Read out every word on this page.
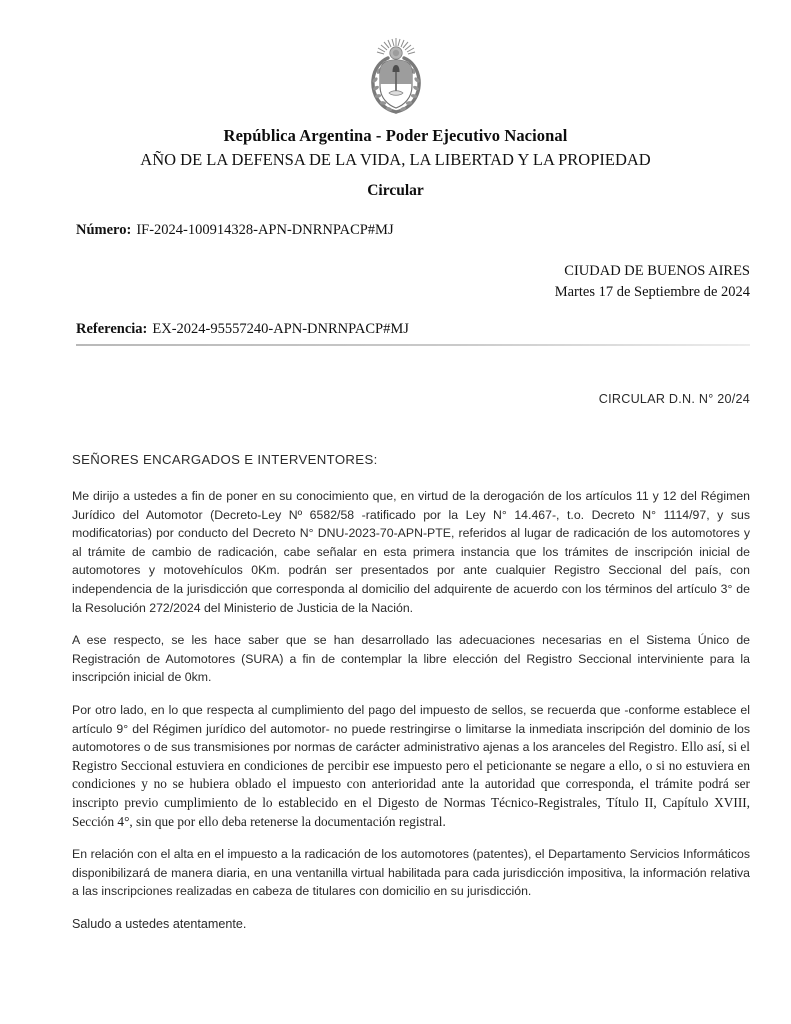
República Argentina - Poder Ejecutivo Nacional
AÑO DE LA DEFENSA DE LA VIDA, LA LIBERTAD Y LA PROPIEDAD
Circular
Número: IF-2024-100914328-APN-DNRNPACP#MJ
CIUDAD DE BUENOS AIRES
Martes 17 de Septiembre de 2024
Referencia: EX-2024-95557240-APN-DNRNPACP#MJ
CIRCULAR D.N. N° 20/24
SEÑORES ENCARGADOS E INTERVENTORES:

Me dirijo a ustedes a fin de poner en su conocimiento que, en virtud de la derogación de los artículos 11 y 12 del Régimen Jurídico del Automotor (Decreto-Ley Nº 6582/58 -ratificado por la Ley N° 14.467-, t.o. Decreto N° 1114/97, y sus modificatorias) por conducto del Decreto N° DNU-2023-70-APN-PTE, referidos al lugar de radicación de los automotores y al trámite de cambio de radicación, cabe señalar en esta primera instancia que los trámites de inscripción inicial de automotores y motovehículos 0Km. podrán ser presentados por ante cualquier Registro Seccional del país, con independencia de la jurisdicción que corresponda al domicilio del adquirente de acuerdo con los términos del artículo 3° de la Resolución 272/2024 del Ministerio de Justicia de la Nación.

A ese respecto, se les hace saber que se han desarrollado las adecuaciones necesarias en el Sistema Único de Registración de Automotores (SURA) a fin de contemplar la libre elección del Registro Seccional interviniente para la inscripción inicial de 0km.

Por otro lado, en lo que respecta al cumplimiento del pago del impuesto de sellos, se recuerda que -conforme establece el artículo 9° del Régimen jurídico del automotor- no puede restringirse o limitarse la inmediata inscripción del dominio de los automotores o de sus transmisiones por normas de carácter administrativo ajenas a los aranceles del Registro. Ello así, si el Registro Seccional estuviera en condiciones de percibir ese impuesto pero el peticionante se negare a ello, o si no estuviera en condiciones y no se hubiera oblado el impuesto con anterioridad ante la autoridad que corresponda, el trámite podrá ser inscripto previo cumplimiento de lo establecido en el Digesto de Normas Técnico-Registrales, Título II, Capítulo XVIII, Sección 4°, sin que por ello deba retenerse la documentación registral.

En relación con el alta en el impuesto a la radicación de los automotores (patentes), el Departamento Servicios Informáticos disponibilizará de manera diaria, en una ventanilla virtual habilitada para cada jurisdicción impositiva, la información relativa a las inscripciones realizadas en cabeza de titulares con domicilio en su jurisdicción.

Saludo a ustedes atentamente.
